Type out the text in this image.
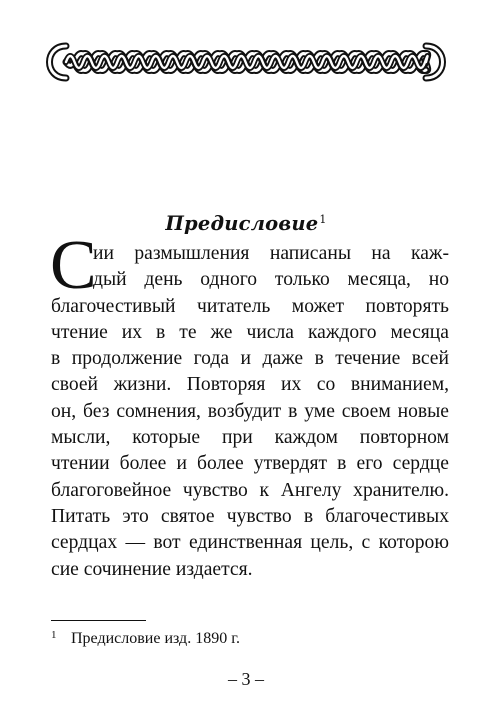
Предисловие$^1$
С
ии размышления написаны на каж-
дый день одного только месяца, но
благочестивый читатель может повторять
чтение их в те же числа каждого месяца
в продолжение года и даже в течение всей
своей жизни. Повторяя их со вниманием,
он, без сомнения, возбудит в уме своем новые
мысли, которые при каждом повторном
чтении более и более утвердят в его сердце
благоговейное чувство к Ангелу хранителю.
Питать это святое чувство в благочестивых
сердцах — вот единственная цель, с которою
сие сочинение издается.
1 Предисловие изд. 1890 г.
– 3 –
